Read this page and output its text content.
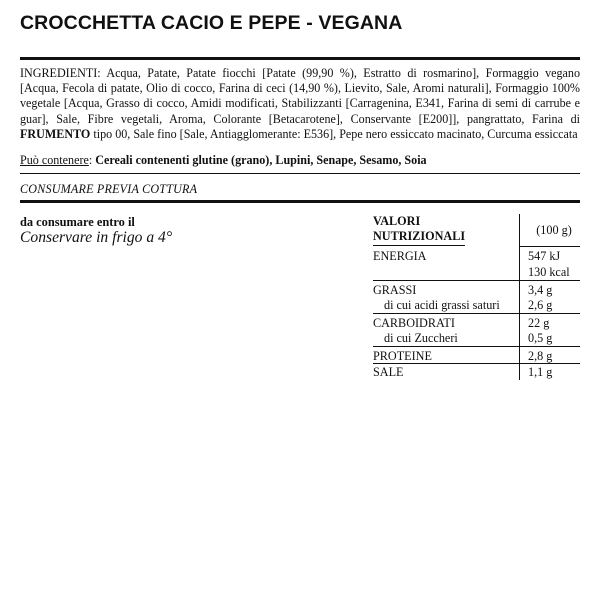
CROCCHETTA CACIO E PEPE - VEGANA
INGREDIENTI: Acqua, Patate, Patate fiocchi [Patate (99,90 %), Estratto di rosmarino], Formaggio vegano [Acqua, Fecola di patate, Olio di cocco, Farina di ceci (14,90 %), Lievito, Sale, Aromi naturali], Formaggio 100% vegetale [Acqua, Grasso di cocco, Amidi modificati, Stabilizzanti [Carragenina, E341, Farina di semi di carrube e guar], Sale, Fibre vegetali, Aroma, Colorante [Betacarotene], Conservante [E200]], pangrattato, Farina di FRUMENTO tipo 00, Sale fino [Sale, Antiagglomerante: E536], Pepe nero essiccato macinato, Curcuma essiccata
Può contenere: Cereali contenenti glutine (grano), Lupini, Senape, Sesamo, Soia
CONSUMARE PREVIA COTTURA
da consumare entro il
Conservare in frigo a 4°
VALORI
NUTRIZIONALI	(100 g)
ENERGIA	547 kJ
130 kcal
GRASSI	3,4 g
di cui acidi grassi saturi 2,6 g
CARBOIDRATI	22 g
di cui Zuccheri	0,5 g
PROTEINE	2,8 g
SALE	1,1 g
